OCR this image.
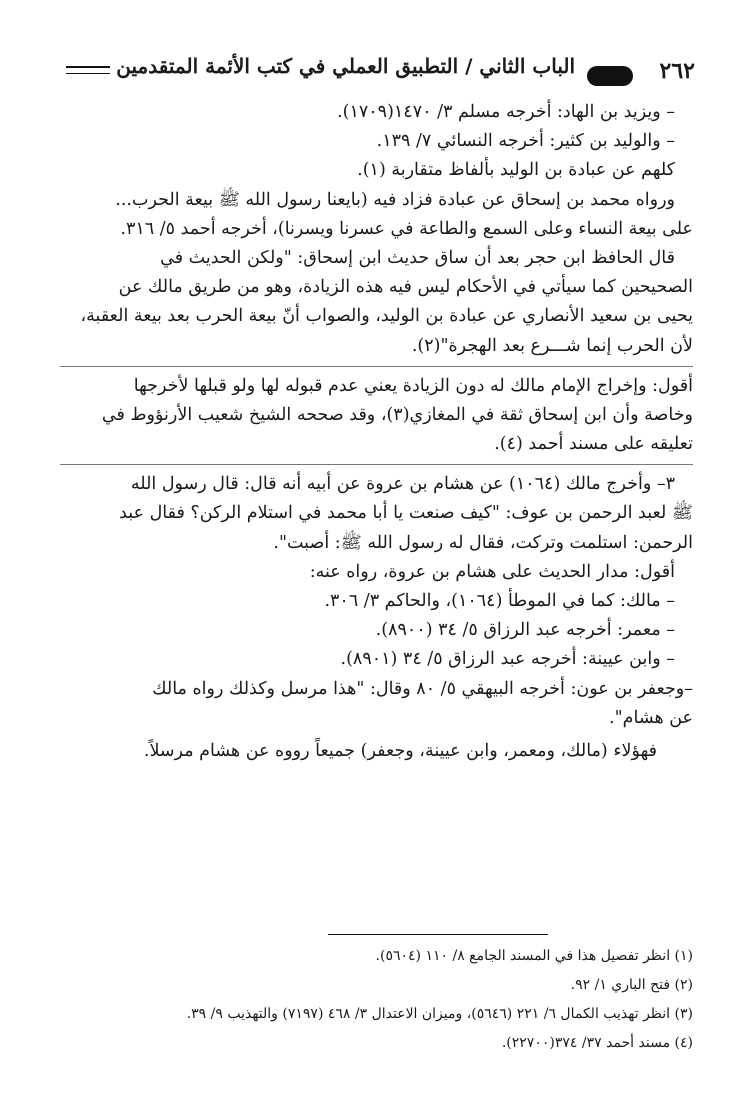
٢٦٢
الباب الثاني / التطبيق العملي في كتب الأئمة المتقدمين
– ويزيد بن الهاد: أخرجه مسلم ٣/ ١٤٧٠(١٧٠٩).
– والوليد بن كثير: أخرجه النسائي ٧/ ١٣٩.
كلهم عن عبادة بن الوليد بألفاظ متقاربة (١).
ورواه محمد بن إسحاق عن عبادة فزاد فيه (بايعنا رسول الله ﷺ بيعة الحرب...
على بيعة النساء وعلى السمع والطاعة في عسرنا ويسرنا)، أخرجه أحمد ٥/ ٣١٦.
قال الحافظ ابن حجر بعد أن ساق حديث ابن إسحاق: "ولكن الحديث في
الصحيحين كما سيأتي في الأحكام ليس فيه هذه الزيادة، وهو من طريق مالك عن
يحيى بن سعيد الأنصاري عن عبادة بن الوليد، والصواب أنّ بيعة الحرب بعد بيعة العقبة،
لأن الحرب إنما شـــرع بعد الهجرة"(٢).
أقول: وإخراج الإمام مالك له دون الزيادة يعني عدم قبوله لها ولو قبلها لأخرجها
وخاصة وأن ابن إسحاق ثقة في المغازي(٣)، وقد صححه الشيخ شعيب الأرنؤوط في
تعليقه على مسند أحمد (٤).
٣– وأخرج مالك (١٠٦٤) عن هشام بن عروة عن أبيه أنه قال: قال رسول الله
ﷺ لعبد الرحمن بن عوف: "كيف صنعت يا أبا محمد في استلام الركن؟ فقال عبد
الرحمن: استلمت وتركت، فقال له رسول الله ﷺ: أصبت".
أقول: مدار الحديث على هشام بن عروة، رواه عنه:
– مالك: كما في الموطأ (١٠٦٤)، والحاكم ٣/ ٣٠٦.
– معمر: أخرجه عبد الرزاق ٥/ ٣٤ (٨٩٠٠).
– وابن عيينة: أخرجه عبد الرزاق ٥/ ٣٤ (٨٩٠١).
–وجعفر بن عون: أخرجه البيهقي ٥/ ٨٠ وقال: "هذا مرسل وكذلك رواه مالك
عن هشام".
فهؤلاء (مالك، ومعمر، وابن عيينة، وجعفر) جميعاً رووه عن هشام مرسلاً.
(١) انظر تفصيل هذا في المسند الجامع ٨/ ١١٠ (٥٦٠٤).
(٢) فتح الباري ١/ ٩٢.
(٣) انظر تهذيب الكمال ٦/ ٢٢١ (٥٦٤٦)، وميزان الاعتدال ٣/ ٤٦٨ (٧١٩٧) والتهذيب ٩/ ٣٩.
(٤) مسند أحمد ٣٧/ ٣٧٤(٢٢٧٠٠).
